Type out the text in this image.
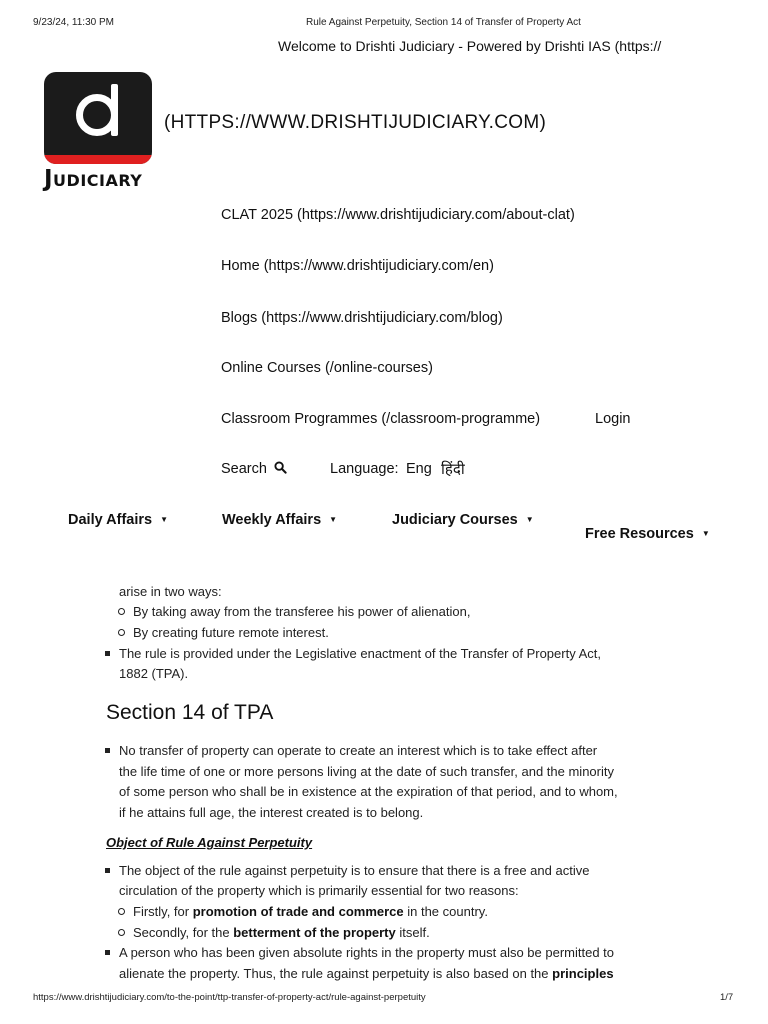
9/23/24, 11:30 PM	Rule Against Perpetuity, Section 14 of Transfer of Property Act
Welcome to Drishti Judiciary - Powered by Drishti IAS (https://
Judiciary
(HTTPS://WWW.DRISHTIJUDICIARY.COM)
CLAT 2025 (https://www.drishtijudiciary.com/about-clat)
Home (https://www.drishtijudiciary.com/en)
Blogs (https://www.drishtijudiciary.com/blog)
Online Courses (/online-courses)
Classroom Programmes (/classroom-programme)	Login
Search	Language: Eng हिंदी
Daily Affairs ▼	Weekly Affairs ▼	Judiciary Courses ▼
Free Resources ▼
arise in two ways:
By taking away from the transferee his power of alienation,
By creating future remote interest.
The rule is provided under the Legislative enactment of the Transfer of Property Act,
1882 (TPA).
Section 14 of TPA
No transfer of property can operate to create an interest which is to take effect after
the life time of one or more persons living at the date of such transfer, and the minority
of some person who shall be in existence at the expiration of that period, and to whom,
if he attains full age, the interest created is to belong.
Object of Rule Against Perpetuity
The object of the rule against perpetuity is to ensure that there is a free and active
circulation of the property which is primarily essential for two reasons:
Firstly, for promotion of trade and commerce in the country.
Secondly, for the betterment of the property itself.
A person who has been given absolute rights in the property must also be permitted to
alienate the property. Thus, the rule against perpetuity is also based on the principles
https://www.drishtijudiciary.com/to-the-point/ttp-transfer-of-property-act/rule-against-perpetuity	1/7
